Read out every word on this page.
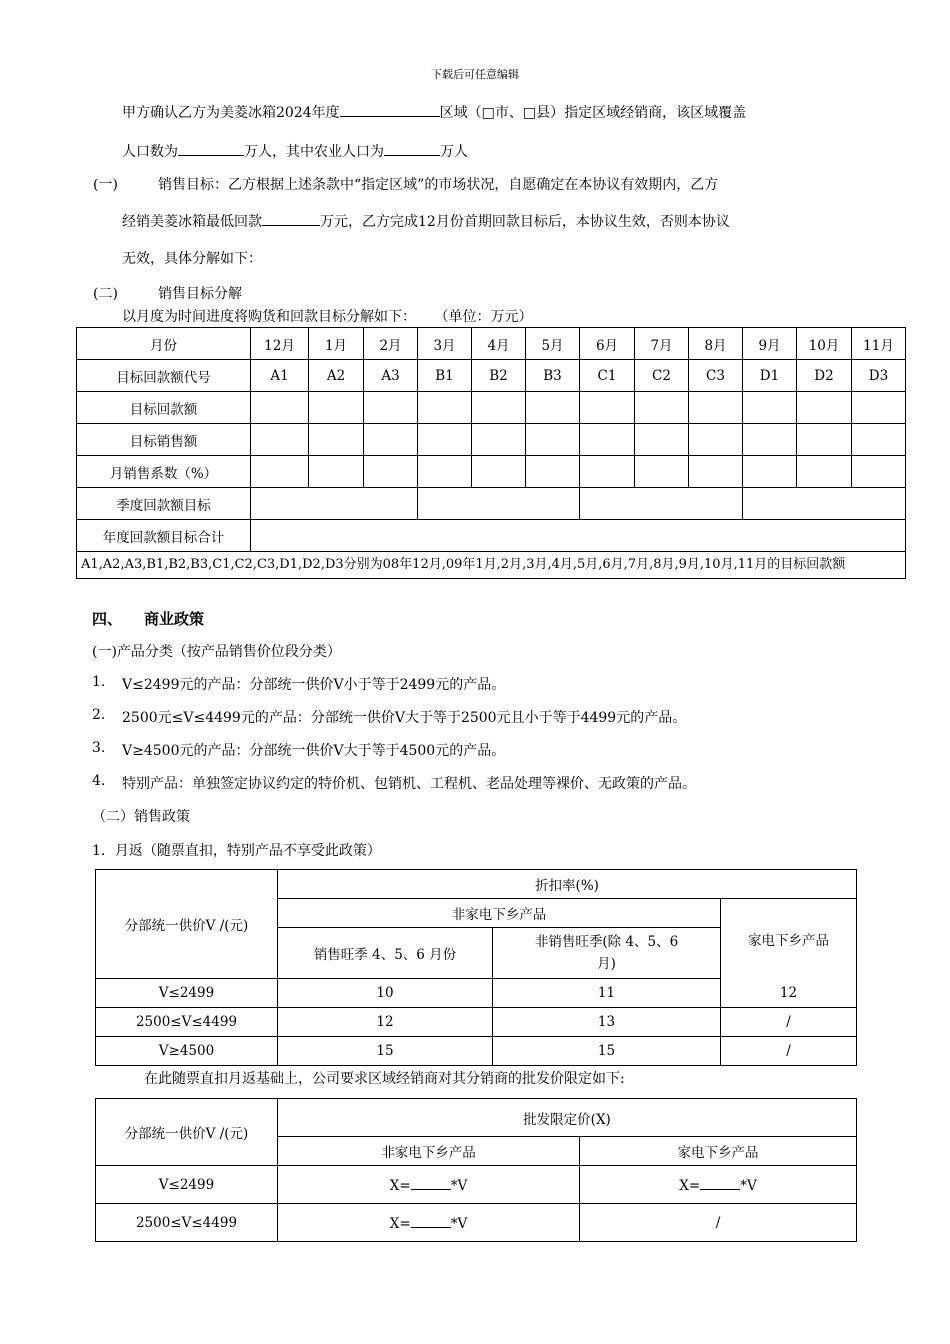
下载后可任意编辑
甲方确认乙方为美菱冰箱2024年度	区域（□市、□县）指定区域经销商，该区域覆盖
人口数为	万人，其中农业人口为	万人
(一)	销售目标：乙方根据上述条款中“指定区域”的市场状况，自愿确定在本协议有效期内，乙方
经销美菱冰箱最低回款	万元，乙方完成12月份首期回款目标后，本协议生效，否则本协议
无效，具体分解如下：
(二)	销售目标分解
以月度为时间进度将购货和回款目标分解如下： （单位：万元）
月份	12月	1月	2月	3月	4月	5月	6月	7月	8月	9月	10月	11月
目标回款额代号	A1	A2	A3	B1	B2	B3	C1	C2	C3	D1	D2	D3
目标回款额												
目标销售额												
月销售系数（%）												
季度回款额目标												
年度回款额目标合计												
A1,A2,A3,B1,B2,B3,C1,C2,C3,D1,D2,D3分别为08年12月,09年1月,2月,3月,4月,5月,6月,7月,8月,9月,10月,11月的目标回款额												
四、 商业政策
(一)产品分类（按产品销售价位段分类）
1. V≤2499元的产品：分部统一供价V小于等于2499元的产品。
2. 2500元≤V≤4499元的产品：分部统一供价V大于等于2500元且小于等于4499元的产品。
3. V≥4500元的产品：分部统一供价V大于等于4500元的产品。
4. 特别产品：单独签定协议约定的特价机、包销机、工程机、老品处理等裸价、无政策的产品。
（二）销售政策
1．月返（随票直扣，特别产品不享受此政策）
分部统一供价V /(元)	折扣率(%)		
	非家电下乡产品		家电下乡产品
	销售旺季 4、5、6 月份	非销售旺季(除 4、5、6
月)	

V≤2499	10	11	12
2500≤V≤4499	12	13	/
V≥4500	15	15	/
在此随票直扣月返基础上，公司要求区域经销商对其分销商的批发价限定如下:
分部统一供价V /(元)	批发限定价(X)	
	非家电下乡产品	家电下乡产品
V≤2499	X= *V	X= *V
2500≤V≤4499	X= *V	/
